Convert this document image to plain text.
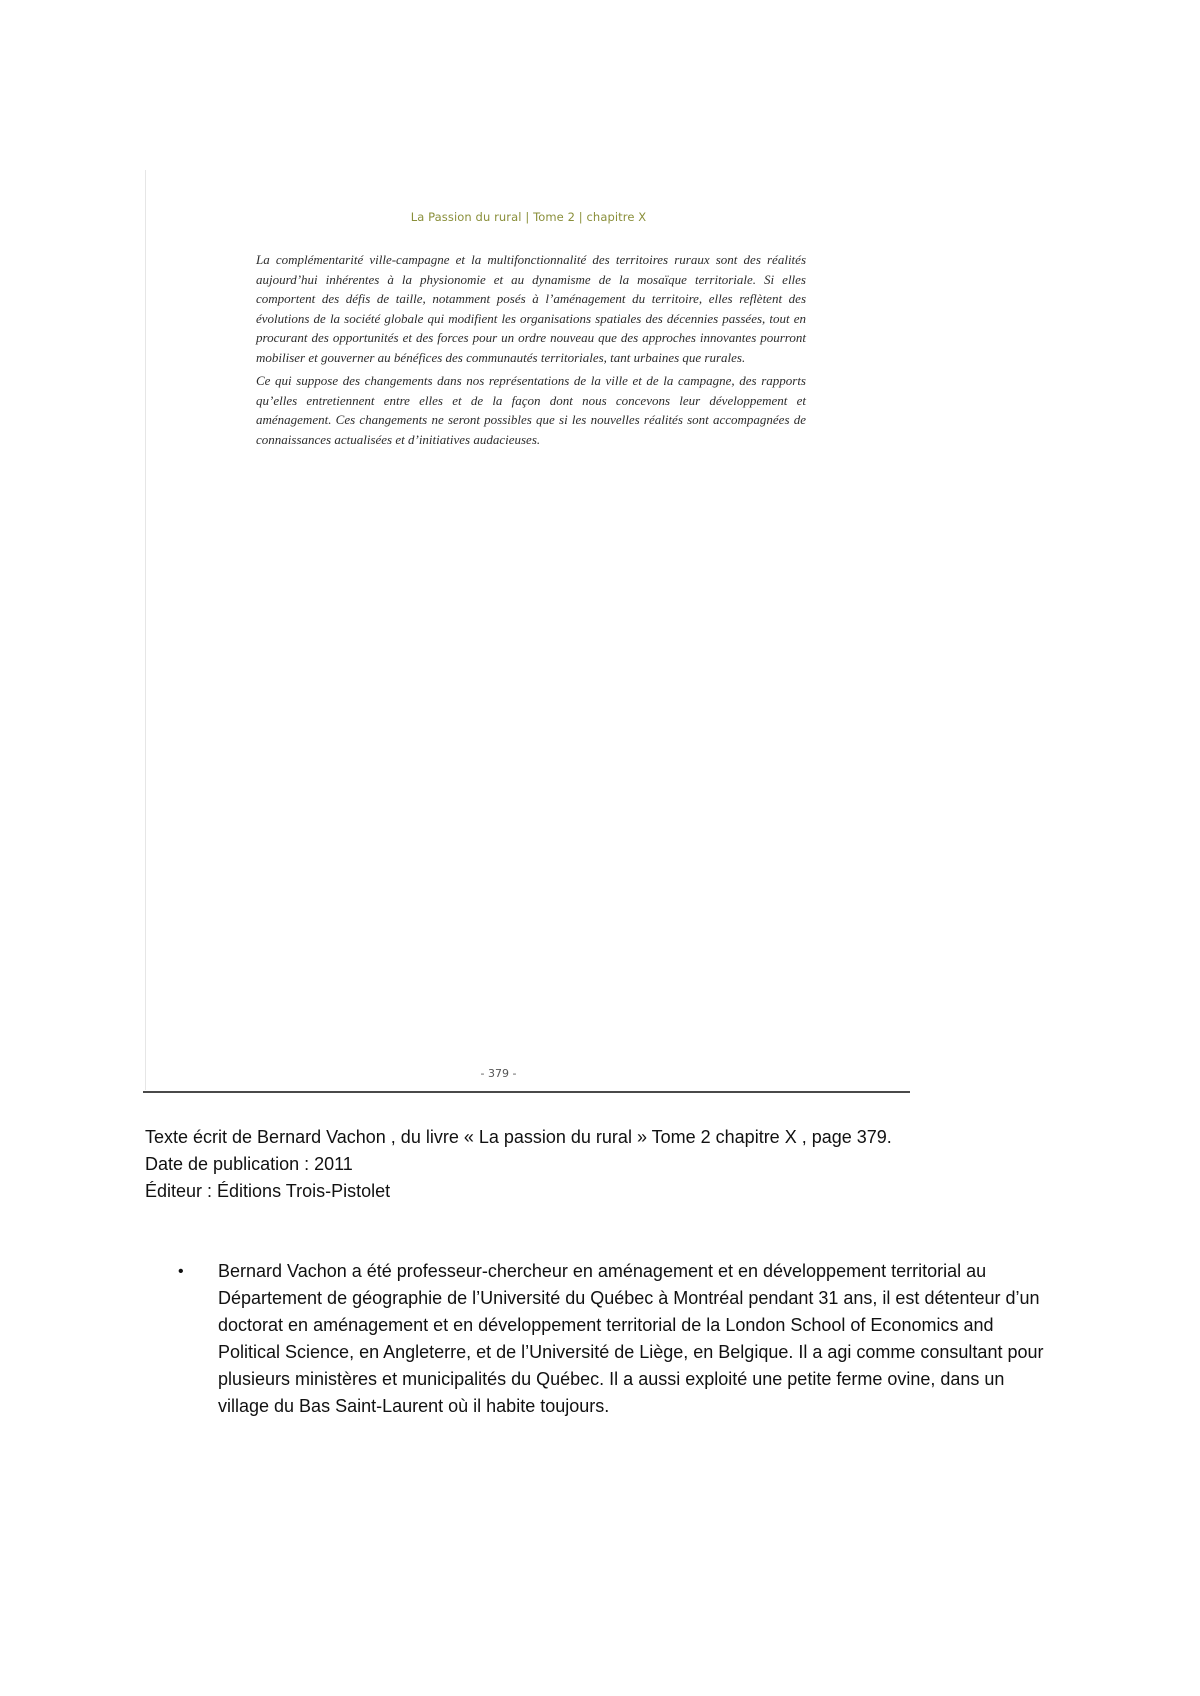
La Passion du rural | Tome 2 | chapitre X

La complémentarité ville-campagne et la multifonctionnalité des territoires ruraux sont des réalités aujourd’hui inhérentes à la physionomie et au dynamisme de la mosaïque territoriale. Si elles comportent des défis de taille, notamment posés à l’aménagement du territoire, elles reflètent des évolutions de la société globale qui modifient les organisations spatiales des décennies passées, tout en procurant des opportunités et des forces pour un ordre nouveau que des approches innovantes pourront mobiliser et gouverner au bénéfices des communautés territoriales, tant urbaines que rurales.

Ce qui suppose des changements dans nos représentations de la ville et de la campagne, des rapports qu’elles entretiennent entre elles et de la façon dont nous concevons leur développement et aménagement. Ces changements ne seront possibles que si les nouvelles réalités sont accompagnées de connaissances actualisées et d’initiatives audacieuses.

- 379 -
Texte écrit de Bernard Vachon , du livre « La passion du rural » Tome 2 chapitre X , page 379.
Date de publication : 2011
Éditeur : Éditions Trois-Pistolet
•	Bernard Vachon a été professeur-chercheur en aménagement et en développement territorial au Département de géographie de l’Université du Québec à Montréal pendant 31 ans, il est détenteur d’un doctorat en aménagement et en développement territorial de la London School of Economics and Political Science, en Angleterre, et de l’Université de Liège, en Belgique. Il a agi comme consultant pour plusieurs ministères et municipalités du Québec. Il a aussi exploité une petite ferme ovine, dans un village du Bas Saint-Laurent où il habite toujours.
